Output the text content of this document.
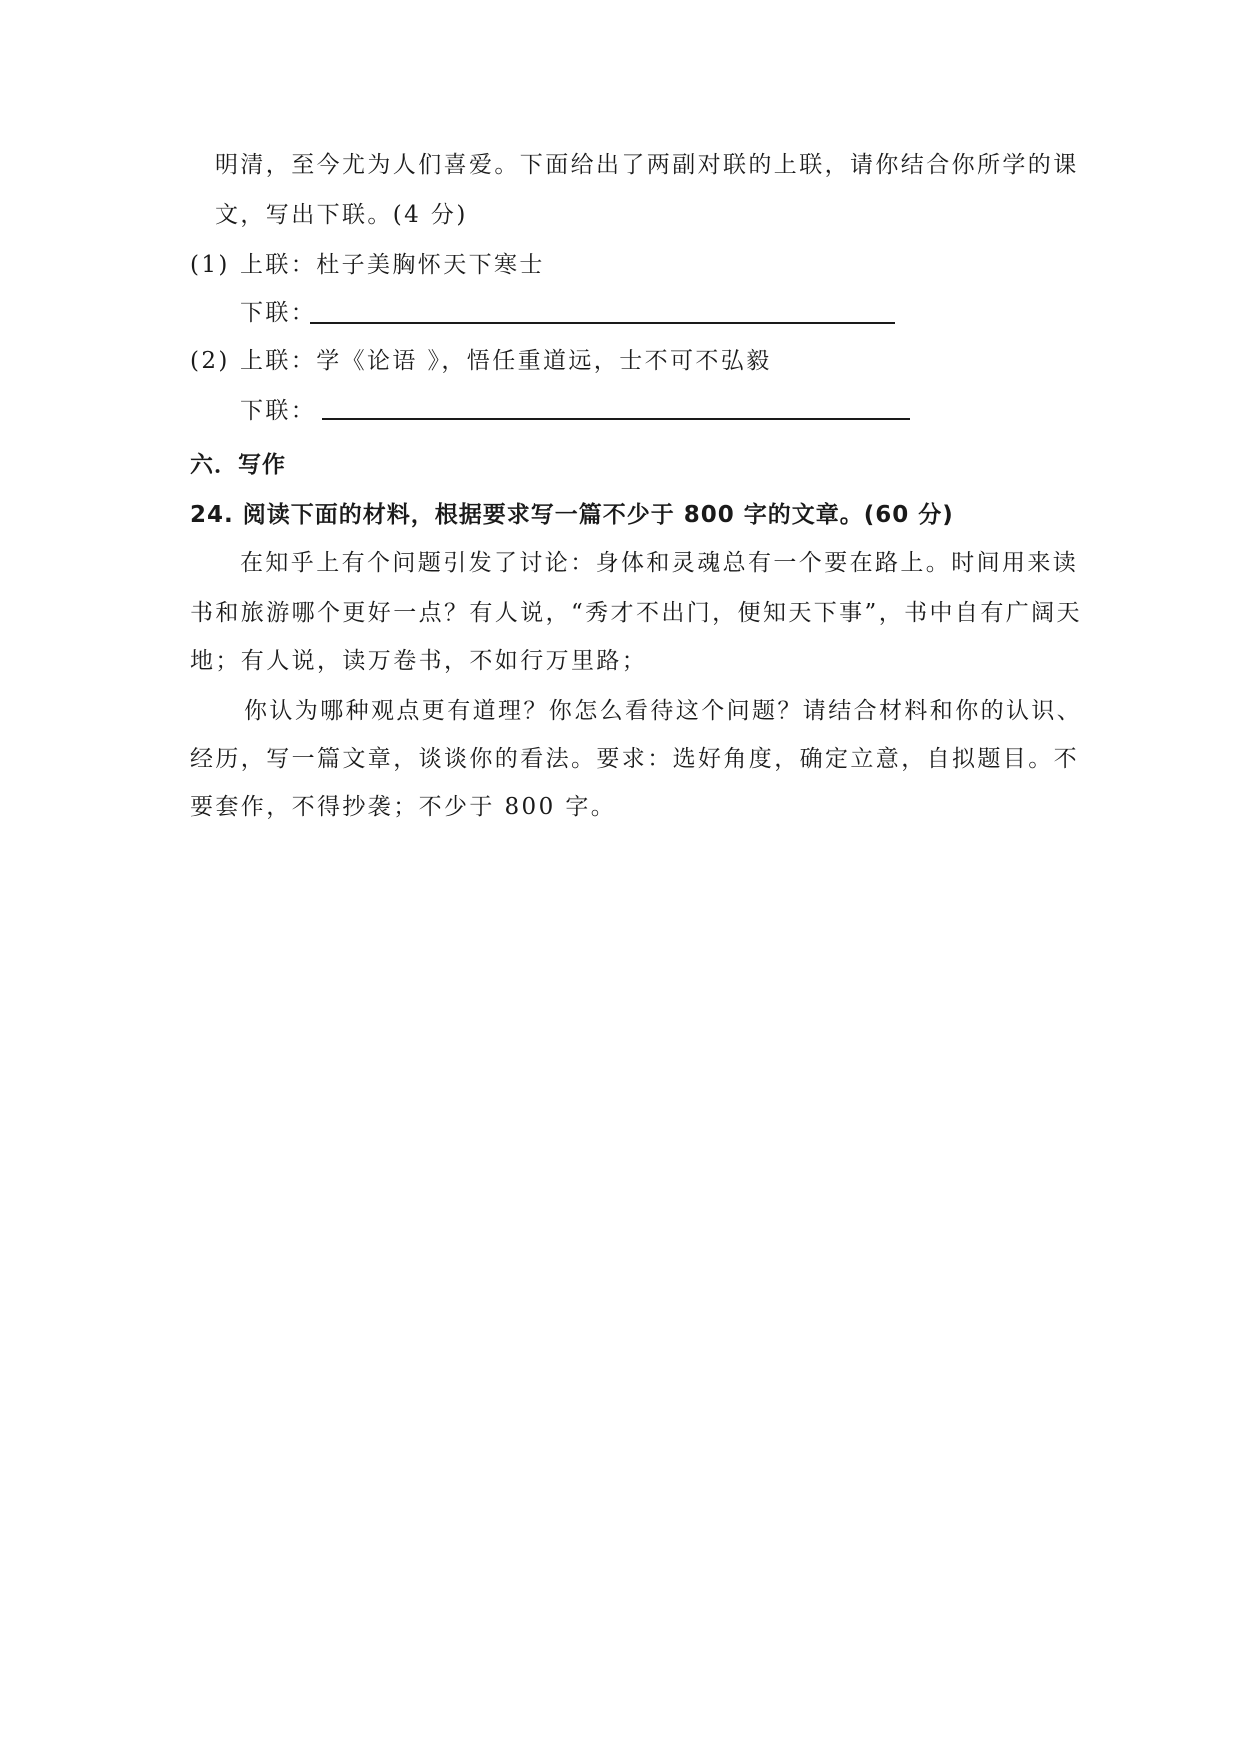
明清，至今尤为人们喜爱。下面给出了两副对联的上联，请你结合你所学的课
文，写出下联。(4 分)
(1) 上联：杜子美胸怀天下寒士
下联：
(2) 上联：学《论语 》，悟任重道远，士不可不弘毅
下联：
六．写作
24. 阅读下面的材料，根据要求写一篇不少于 800 字的文章。(60 分)
在知乎上有个问题引发了讨论：身体和灵魂总有一个要在路上。时间用来读
书和旅游哪个更好一点？有人说，“秀才不出门，便知天下事”，书中自有广阔天
地；有人说，读万卷书，不如行万里路；
你认为哪种观点更有道理？你怎么看待这个问题？请结合材料和你的认识、
经历，写一篇文章，谈谈你的看法。要求：选好角度，确定立意，自拟题目。不
要套作，不得抄袭；不少于 800 字。
